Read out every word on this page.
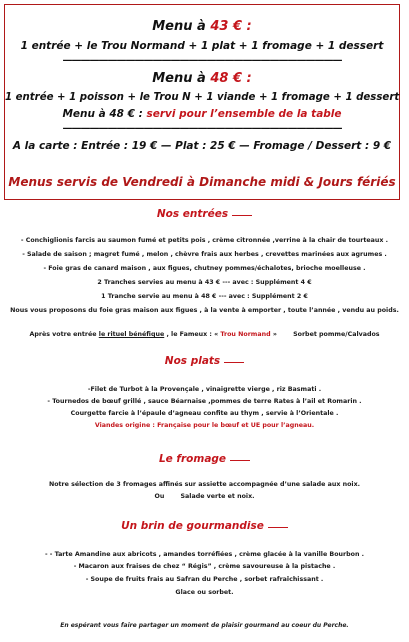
Menu à 43 € :
1 entrée + le Trou Normand + 1 plat + 1 fromage + 1 dessert
———————————————————————————————
Menu à 48 € :
1 entrée + 1 poisson + le Trou N + 1 viande + 1 fromage + 1 dessert
Menu à 48 € : servi pour l’ensemble de la table
———————————————————————————————
A la carte : Entrée : 19 € — Plat : 25 € — Fromage / Dessert : 9 €
Menus servis de Vendredi à Dimanche midi & Jours fériés
Nos entrées
- Conchiglionis farcis au saumon fumé et petits pois , crème citronnée ,verrine à la chair de tourteaux .
- Salade de saison ; magret fumé , melon , chèvre frais aux herbes , crevettes marinées aux agrumes .
- Foie gras de canard maison , aux figues, chutney pommes/échalotes, brioche moelleuse .
2 Tranches servies au menu à 43 € --- avec : Supplément 4 €
1 Tranche servie au menu à 48 € --- avec : Supplément 2 €
Nous vous proposons du foie gras maison aux figues , à la vente à emporter , toute l’année , vendu au poids.
Après votre entrée le rituel bénéfique , le Fameux : « Trou Normand »	Sorbet pomme/Calvados
Nos plats
-Filet de Turbot à la Provençale , vinaigrette vierge , riz Basmati .
- Tournedos de bœuf grillé , sauce Béarnaise ,pommes de terre Rates à l’ail et Romarin .
Courgette farcie à l’épaule d’agneau confite au thym , servie à l’Orientale .
Viandes origine : Française pour le bœuf et UE pour l’agneau.
Le fromage
Notre sélection de 3 fromages affinés sur assiette accompagnée d’une salade aux noix.
Ou	Salade verte et noix.
Un brin de gourmandise
- - Tarte Amandine aux abricots , amandes torréfiées , crème glacée à la vanille Bourbon .
- Macaron aux fraises de chez “ Régis” , crème savoureuse à la pistache .
- Soupe de fruits frais au Safran du Perche , sorbet rafraîchissant .
Glace ou sorbet.
En espérant vous faire partager un moment de plaisir gourmand au coeur du Perche.
